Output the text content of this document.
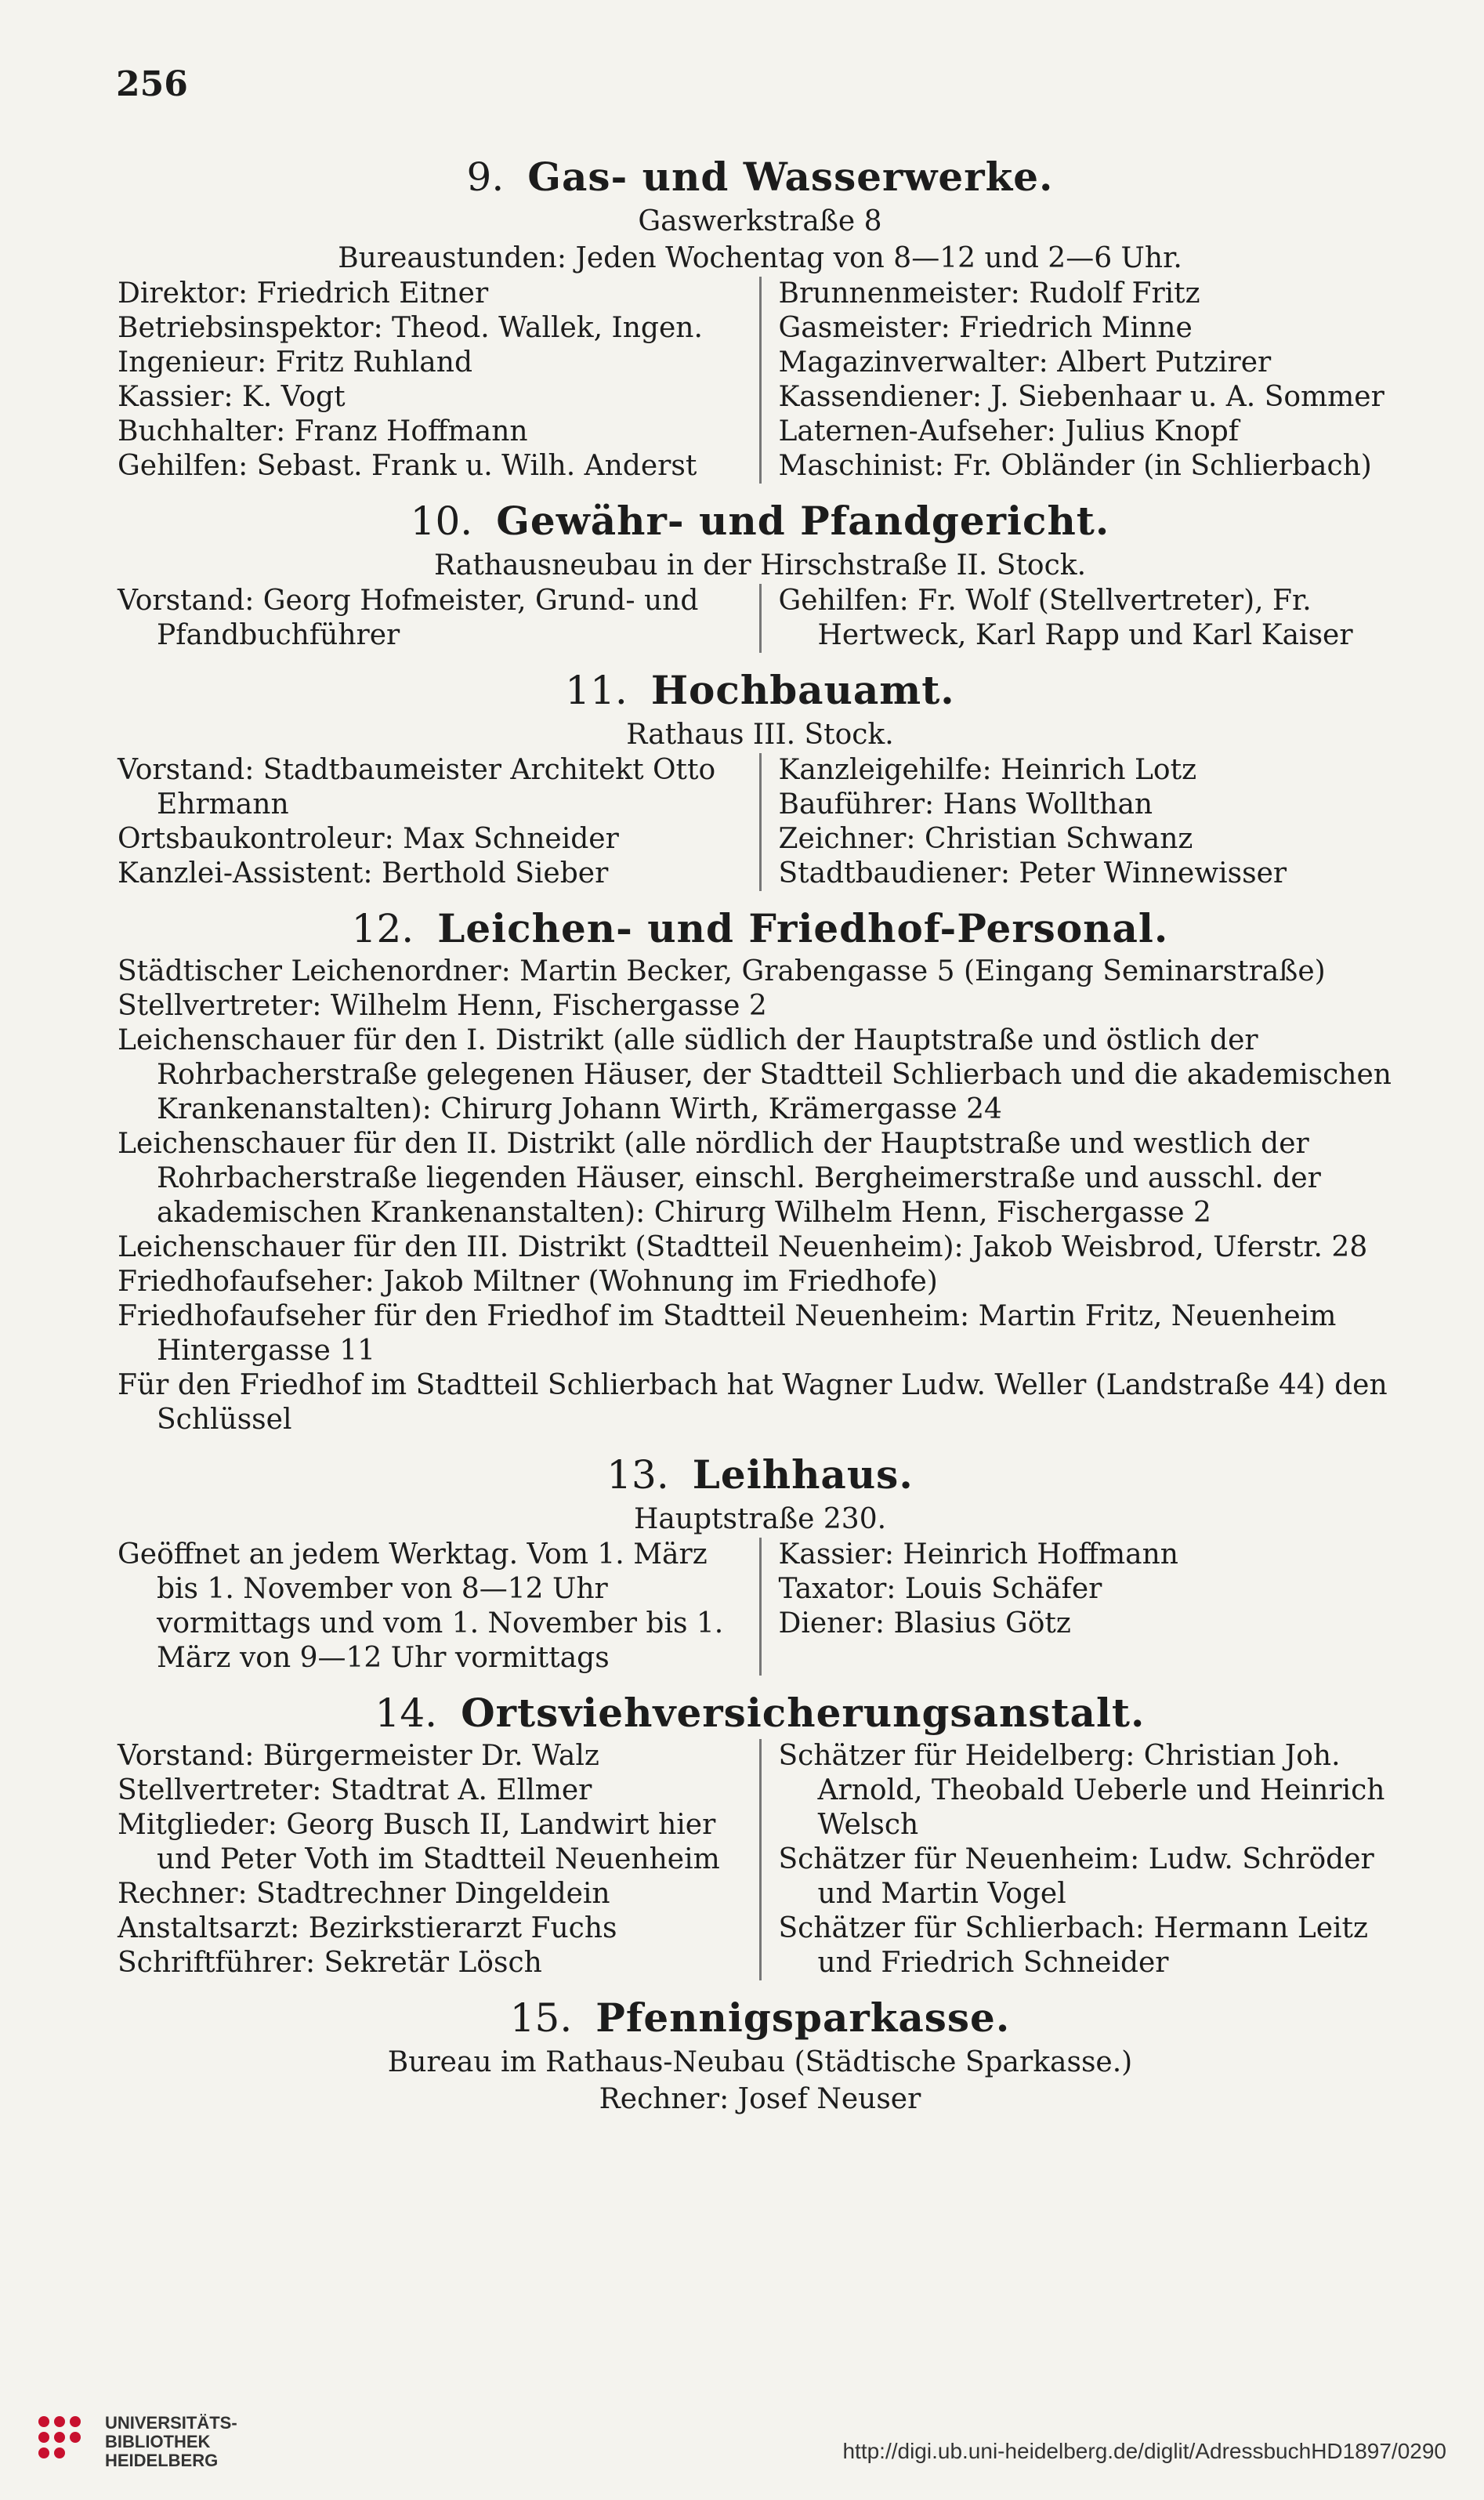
256
9. Gas- und Wasserwerke.
Gaswerkstraße 8
Bureaustunden: Jeden Wochentag von 8—12 und 2—6 Uhr.
Direktor: Friedrich Eitner
Betriebsinspektor: Theod. Wallek, Ingen.
Ingenieur: Fritz Ruhland
Kassier: K. Vogt
Buchhalter: Franz Hoffmann
Gehilfen: Sebast. Frank u. Wilh. Anderst
Brunnenmeister: Rudolf Fritz
Gasmeister: Friedrich Minne
Magazinverwalter: Albert Putzirer
Kassendiener: J. Siebenhaar u. A. Sommer
Laternen-Aufseher: Julius Knopf
Maschinist: Fr. Obländer (in Schlierbach)
10. Gewähr- und Pfandgericht.
Rathausneubau in der Hirschstraße II. Stock.
Vorstand: Georg Hofmeister, Grund- und Pfandbuchführer
Gehilfen: Fr. Wolf (Stellvertreter), Fr. Hertweck, Karl Rapp und Karl Kaiser
11. Hochbauamt.
Rathaus III. Stock.
Vorstand: Stadtbaumeister Architekt Otto Ehrmann
Ortsbaukontroleur: Max Schneider
Kanzlei-Assistent: Berthold Sieber
Kanzleigehilfe: Heinrich Lotz
Bauführer: Hans Wollthan
Zeichner: Christian Schwanz
Stadtbaudiener: Peter Winnewisser
12. Leichen- und Friedhof-Personal.
Städtischer Leichenordner: Martin Becker, Grabengasse 5 (Eingang Seminarstraße)
Stellvertreter: Wilhelm Henn, Fischergasse 2
Leichenschauer für den I. Distrikt (alle südlich der Hauptstraße und östlich der Rohrbacherstraße gelegenen Häuser, der Stadtteil Schlierbach und die akademischen Krankenanstalten): Chirurg Johann Wirth, Krämergasse 24
Leichenschauer für den II. Distrikt (alle nördlich der Hauptstraße und westlich der Rohrbacherstraße liegenden Häuser, einschl. Bergheimerstraße und ausschl. der akademischen Krankenanstalten): Chirurg Wilhelm Henn, Fischergasse 2
Leichenschauer für den III. Distrikt (Stadtteil Neuenheim): Jakob Weisbrod, Uferstr. 28
Friedhofaufseher: Jakob Miltner (Wohnung im Friedhofe)
Friedhofaufseher für den Friedhof im Stadtteil Neuenheim: Martin Fritz, Neuenheim Hintergasse 11
Für den Friedhof im Stadtteil Schlierbach hat Wagner Ludw. Weller (Landstraße 44) den Schlüssel
13. Leihhaus.
Hauptstraße 230.
Geöffnet an jedem Werktag. Vom 1. März bis 1. November von 8—12 Uhr vormittags und vom 1. November bis 1. März von 9—12 Uhr vormittags
Kassier: Heinrich Hoffmann
Taxator: Louis Schäfer
Diener: Blasius Götz
14. Ortsviehversicherungsanstalt.
Vorstand: Bürgermeister Dr. Walz
Stellvertreter: Stadtrat A. Ellmer
Mitglieder: Georg Busch II, Landwirt hier und Peter Voth im Stadtteil Neuenheim
Rechner: Stadtrechner Dingeldein
Anstaltsarzt: Bezirkstierarzt Fuchs
Schriftführer: Sekretär Lösch
Schätzer für Heidelberg: Christian Joh. Arnold, Theobald Ueberle und Heinrich Welsch
Schätzer für Neuenheim: Ludw. Schröder und Martin Vogel
Schätzer für Schlierbach: Hermann Leitz und Friedrich Schneider
15. Pfennigsparkasse.
Bureau im Rathaus-Neubau (Städtische Sparkasse.)
Rechner: Josef Neuser
UNIVERSITÄTS-
BIBLIOTHEK
HEIDELBERG	http://digi.ub.uni-heidelberg.de/diglit/AdressbuchHD1897/0290
